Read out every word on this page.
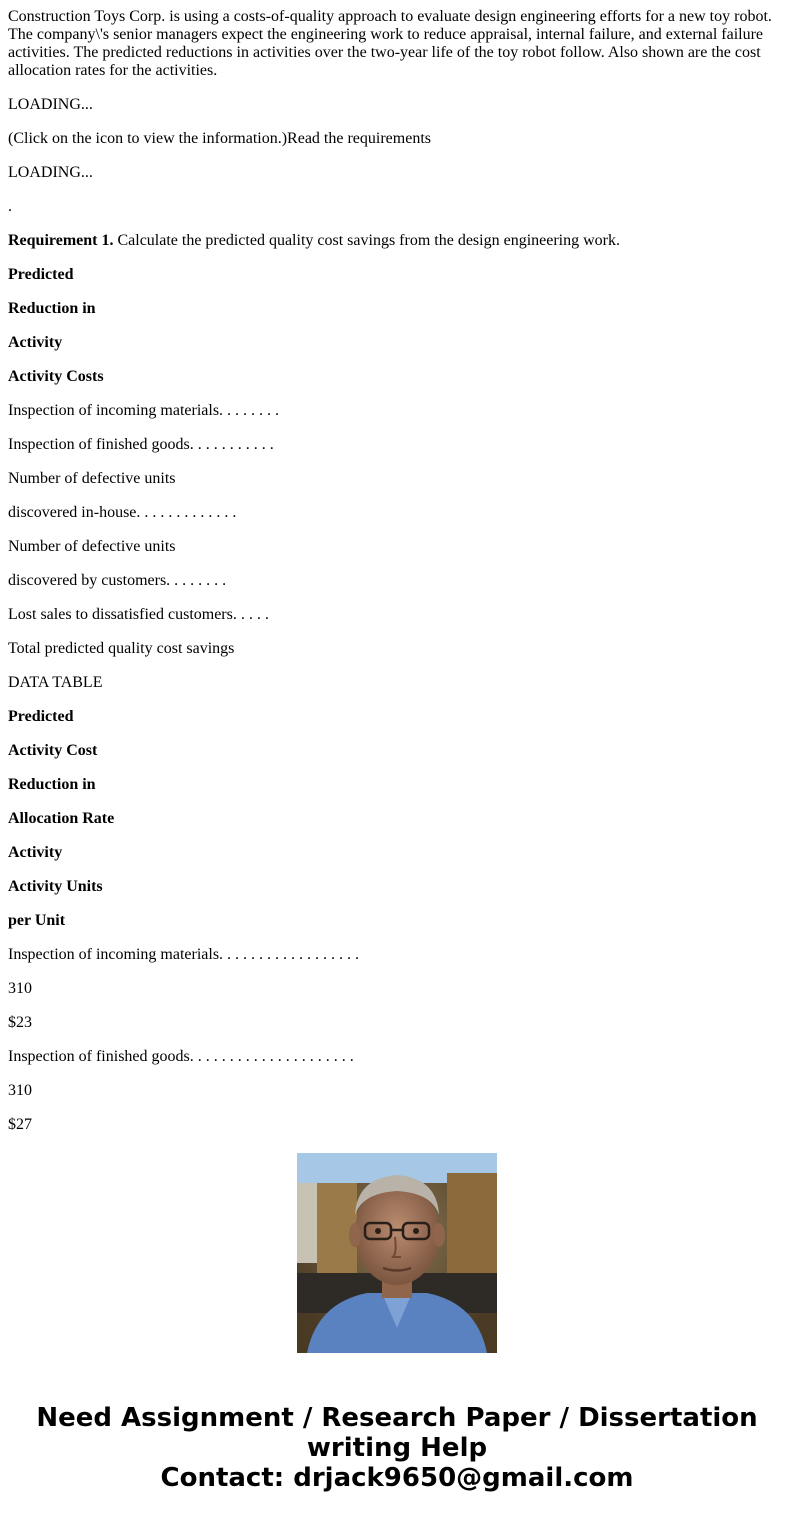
Construction Toys Corp. is using a costs-of-quality approach to evaluate design engineering efforts for a new toy robot. The company\'s senior managers expect the engineering work to reduce appraisal, internal failure, and external failure activities. The predicted reductions in activities over the two-year life of the toy robot follow. Also shown are the cost allocation rates for the activities.

LOADING...

(Click on the icon to view the information.)Read the requirements

LOADING...

.

Requirement 1. Calculate the predicted quality cost savings from the design engineering work.

Predicted

Reduction in

Activity

Activity Costs

Inspection of incoming materials. . . . . . . .

Inspection of finished goods. . . . . . . . . . .

Number of defective units

discovered in-house. . . . . . . . . . . . .

Number of defective units

discovered by customers. . . . . . . .

Lost sales to dissatisfied customers. . . . .

Total predicted quality cost savings

DATA TABLE

Predicted

Activity Cost

Reduction in

Allocation Rate

Activity

Activity Units

per Unit

Inspection of incoming materials. . . . . . . . . . . . . . . . . .

310

$23

Inspection of finished goods. . . . . . . . . . . . . . . . . . . . .

310

$27

Need Assignment / Research Paper / Dissertation
writing Help
Contact: drjack9650@gmail.com
